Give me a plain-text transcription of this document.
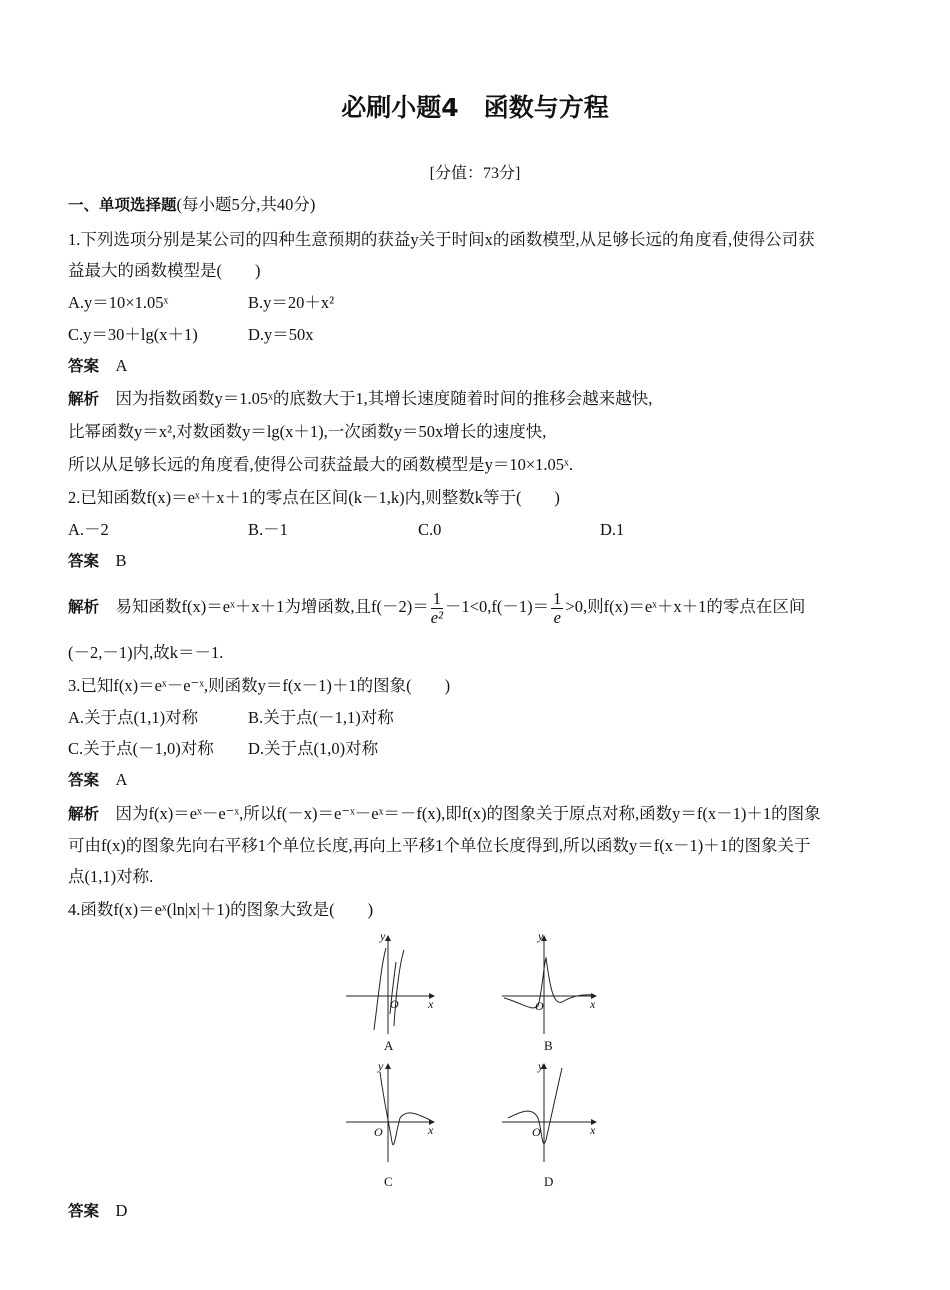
必刷小题4　函数与方程
[分值：73分]
一、单项选择题(每小题5分,共40分)
1.下列选项分别是某公司的四种生意预期的获益y关于时间x的函数模型,从足够长远的角度看,使得公司获
益最大的函数模型是(　　)
A.y＝10×1.05ˣ	B.y＝20＋x²
C.y＝30＋lg(x＋1)	D.y＝50x
答案　 A
解析　 因为指数函数y＝1.05ˣ的底数大于1,其增长速度随着时间的推移会越来越快,
比幂函数y＝x²,对数函数y＝lg(x＋1),一次函数y＝50x增长的速度快,
所以从足够长远的角度看,使得公司获益最大的函数模型是y＝10×1.05ˣ.
2.已知函数f(x)＝eˣ＋x＋1的零点在区间(k－1,k)内,则整数k等于(　　)
A.－2	B.－1	C.0	D.1
答案　 B
解析　 易知函数f(x)＝eˣ＋x＋1为增函数,且$f(-2)= \frac{1}{\text{e²}} -1<0,f(-1)= \frac{1}{e} >0$,则f(x)＝eˣ＋x＋1的零点在区间
(－2,－1)内,故k＝－1.
3.已知f(x)＝eˣ－e⁻ˣ,则函数y＝f(x－1)＋1的图象(　　)
A.关于点(1,1)对称	B.关于点(－1,1)对称
C.关于点(－1,0)对称 D.关于点(1,0)对称
答案　 A
解析　 因为f(x)＝eˣ－e⁻ˣ,所以f(－x)＝e⁻ˣ－eˣ＝－f(x),即f(x)的图象关于原点对称,函数y＝f(x－1)＋1的图象
可由f(x)的图象先向右平移1个单位长度,再向上平移1个单位长度得到,所以函数y＝f(x－1)＋1的图象关于
点(1,1)对称.
4.函数f(x)＝eˣ(ln|x|＋1)的图象大致是(　　)
y
x
O
A
y
x
O
B
y
x
O
C
y
x
O
D
答案　 D
